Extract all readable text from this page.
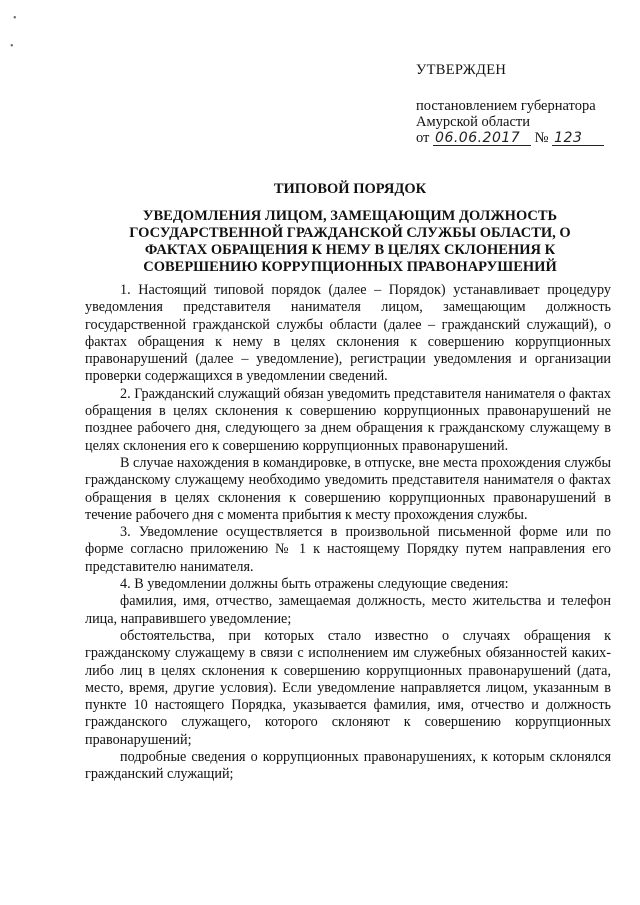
•
•
УТВЕРЖДЕН
постановлением губернатора
Амурской области
от 06.06.2017 № 123
ТИПОВОЙ ПОРЯДОК
УВЕДОМЛЕНИЯ ЛИЦОМ, ЗАМЕЩАЮЩИМ ДОЛЖНОСТЬ
ГОСУДАРСТВЕННОЙ ГРАЖДАНСКОЙ СЛУЖБЫ ОБЛАСТИ, О
ФАКТАХ ОБРАЩЕНИЯ К НЕМУ В ЦЕЛЯХ СКЛОНЕНИЯ К
СОВЕРШЕНИЮ КОРРУПЦИОННЫХ ПРАВОНАРУШЕНИЙ

1. Настоящий типовой порядок (далее – Порядок) устанавливает процедуру уведомления представителя нанимателя лицом, замещающим должность государственной гражданской службы области (далее – гражданский служащий), о фактах обращения к нему в целях склонения к совершению коррупционных правонарушений (далее – уведомление), регистрации уведомления и организации проверки содержащихся в уведомлении сведений.

2. Гражданский служащий обязан уведомить представителя нанимателя о фактах обращения в целях склонения к совершению коррупционных правонарушений не позднее рабочего дня, следующего за днем обращения к гражданскому служащему в целях склонения его к совершению коррупционных правонарушений.

В случае нахождения в командировке, в отпуске, вне места прохождения службы гражданскому служащему необходимо уведомить представителя нанимателя о фактах обращения в целях склонения к совершению коррупционных правонарушений в течение рабочего дня с момента прибытия к месту прохождения службы.

3. Уведомление осуществляется в произвольной письменной форме или по форме согласно приложению № 1 к настоящему Порядку путем направления его представителю нанимателя.

4. В уведомлении должны быть отражены следующие сведения:

фамилия, имя, отчество, замещаемая должность, место жительства и телефон лица, направившего уведомление;

обстоятельства, при которых стало известно о случаях обращения к гражданскому служащему в связи с исполнением им служебных обязанностей каких-либо лиц в целях склонения к совершению коррупционных правонарушений (дата, место, время, другие условия). Если уведомление направляется лицом, указанным в пункте 10 настоящего Порядка, указывается фамилия, имя, отчество и должность гражданского служащего, которого склоняют к совершению коррупционных правонарушений;

подробные сведения о коррупционных правонарушениях, к которым склонялся гражданский служащий;
